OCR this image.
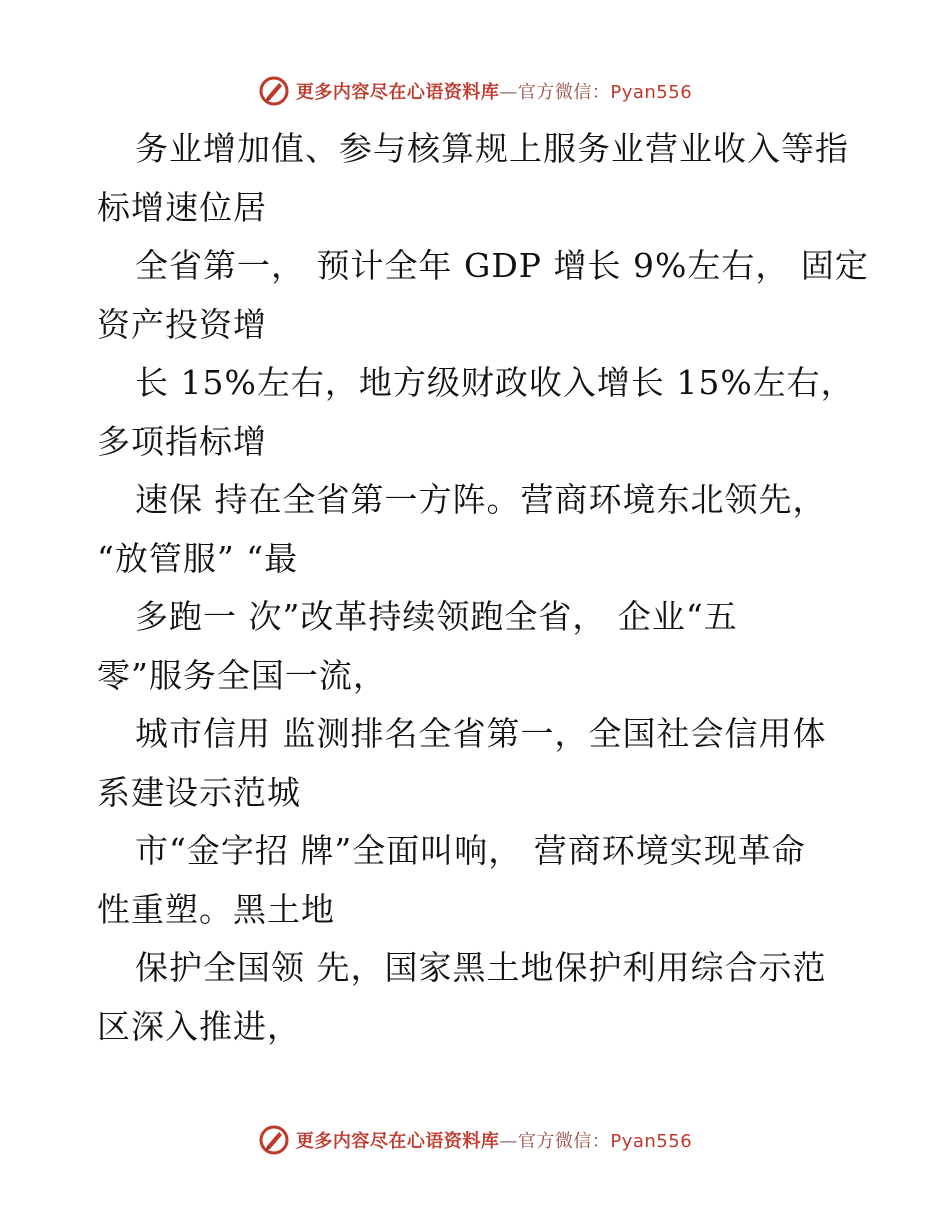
更多内容尽在心语资料库—官方微信：Pyan556
务业增加值、参与核算规上服务业营业收入等指
标增速位居
全省第一， 预计全年 GDP 增长 9%左右， 固定
资产投资增
长 15%左右，地方级财政收入增长 15%左右，
多项指标增
速保 持在全省第一方阵。营商环境东北领先，
“放管服” “最
多跑一 次”改革持续领跑全省， 企业“五
零”服务全国一流，
城市信用 监测排名全省第一，全国社会信用体
系建设示范城
市“金字招 牌”全面叫响， 营商环境实现革命
性重塑。黑土地
保护全国领 先，国家黑土地保护利用综合示范
区深入推进，
更多内容尽在心语资料库—官方微信：Pyan556
